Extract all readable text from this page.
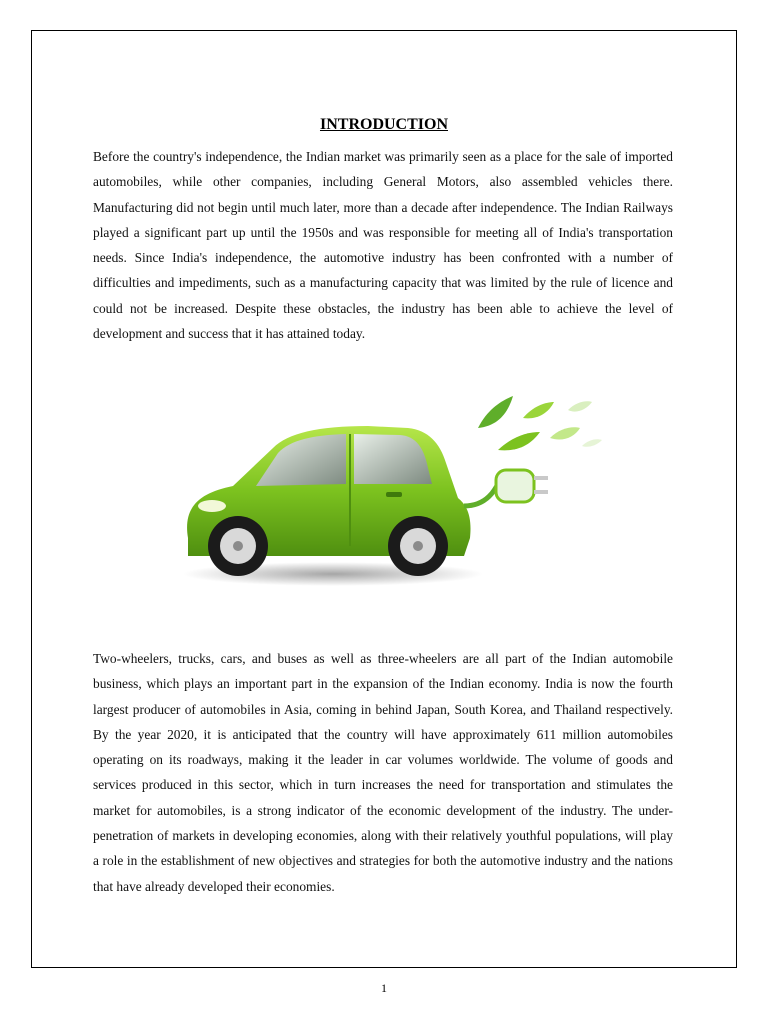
INTRODUCTION

Before the country's independence, the Indian market was primarily seen as a place for the sale of imported automobiles, while other companies, including General Motors, also assembled vehicles there. Manufacturing did not begin until much later, more than a decade after independence. The Indian Railways played a significant part up until the 1950s and was responsible for meeting all of India's transportation needs. Since India's independence, the automotive industry has been confronted with a number of difficulties and impediments, such as a manufacturing capacity that was limited by the rule of licence and could not be increased. Despite these obstacles, the industry has been able to achieve the level of development and success that it has attained today.

Two-wheelers, trucks, cars, and buses as well as three-wheelers are all part of the Indian automobile business, which plays an important part in the expansion of the Indian economy. India is now the fourth largest producer of automobiles in Asia, coming in behind Japan, South Korea, and Thailand respectively. By the year 2020, it is anticipated that the country will have approximately 611 million automobiles operating on its roadways, making it the leader in car volumes worldwide. The volume of goods and services produced in this sector, which in turn increases the need for transportation and stimulates the market for automobiles, is a strong indicator of the economic development of the industry. The under-penetration of markets in developing economies, along with their relatively youthful populations, will play a role in the establishment of new objectives and strategies for both the automotive industry and the nations that have already developed their economies.

1
